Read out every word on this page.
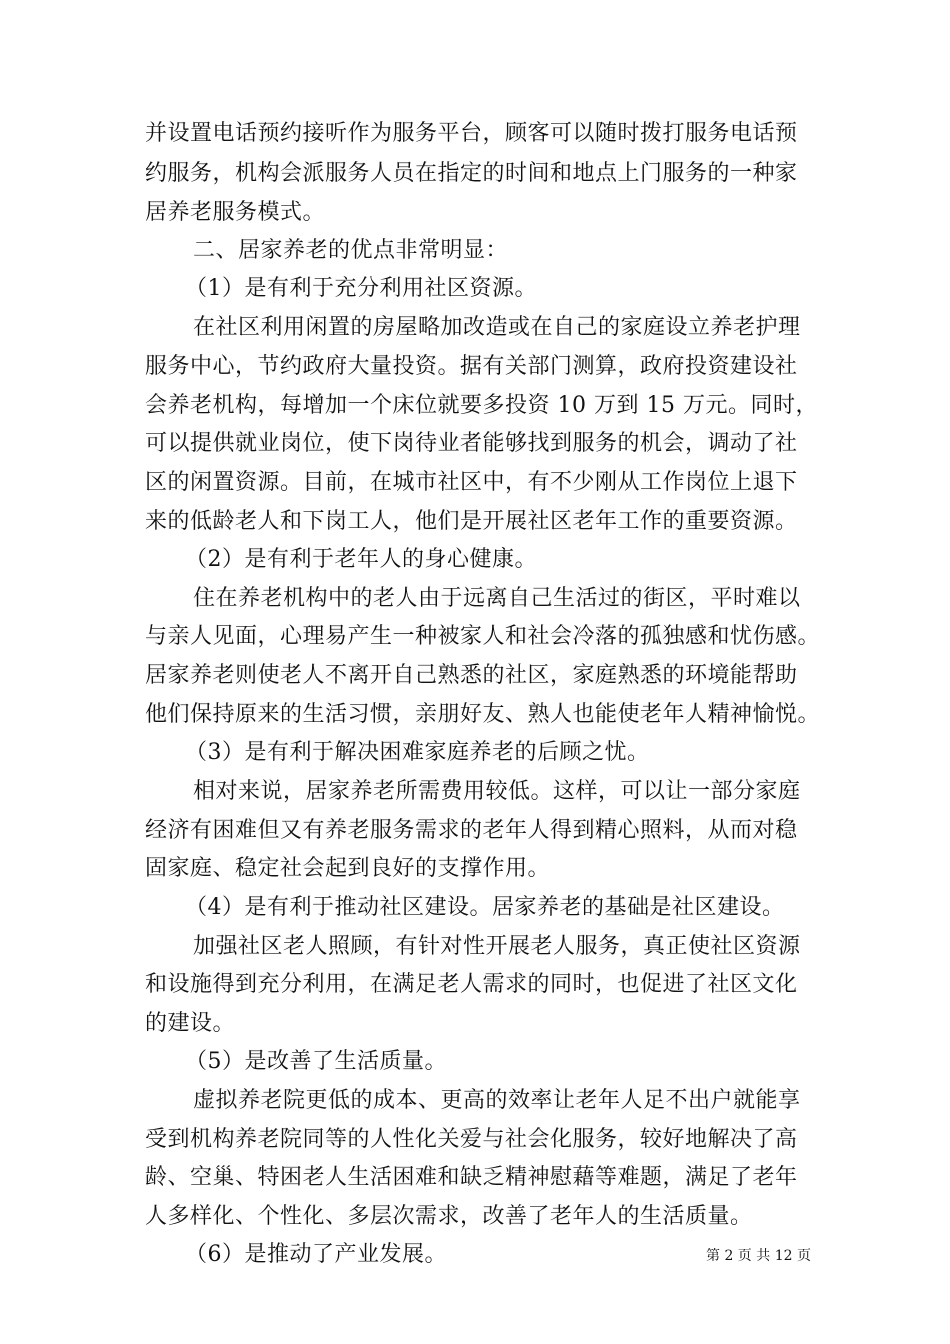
并设置电话预约接听作为服务平台，顾客可以随时拨打服务电话预
约服务，机构会派服务人员在指定的时间和地点上门服务的一种家
居养老服务模式。
二、居家养老的优点非常明显：
（1）是有利于充分利用社区资源。
在社区利用闲置的房屋略加改造或在自己的家庭设立养老护理
服务中心，节约政府大量投资。据有关部门测算，政府投资建设社
会养老机构，每增加一个床位就要多投资 10 万到 15 万元。同时，
可以提供就业岗位，使下岗待业者能够找到服务的机会，调动了社
区的闲置资源。目前，在城市社区中，有不少刚从工作岗位上退下
来的低龄老人和下岗工人，他们是开展社区老年工作的重要资源。
（2）是有利于老年人的身心健康。
住在养老机构中的老人由于远离自己生活过的街区，平时难以
与亲人见面，心理易产生一种被家人和社会冷落的孤独感和忧伤感。
居家养老则使老人不离开自己熟悉的社区，家庭熟悉的环境能帮助
他们保持原来的生活习惯，亲朋好友、熟人也能使老年人精神愉悦。
（3）是有利于解决困难家庭养老的后顾之忧。
相对来说，居家养老所需费用较低。这样，可以让一部分家庭
经济有困难但又有养老服务需求的老年人得到精心照料，从而对稳
固家庭、稳定社会起到良好的支撑作用。
（4）是有利于推动社区建设。居家养老的基础是社区建设。
加强社区老人照顾，有针对性开展老人服务，真正使社区资源
和设施得到充分利用，在满足老人需求的同时，也促进了社区文化
的建设。
（5）是改善了生活质量。
虚拟养老院更低的成本、更高的效率让老年人足不出户就能享
受到机构养老院同等的人性化关爱与社会化服务，较好地解决了高
龄、空巢、特困老人生活困难和缺乏精神慰藉等难题，满足了老年
人多样化、个性化、多层次需求，改善了老年人的生活质量。
（6）是推动了产业发展。	第 2 页 共 12 页
